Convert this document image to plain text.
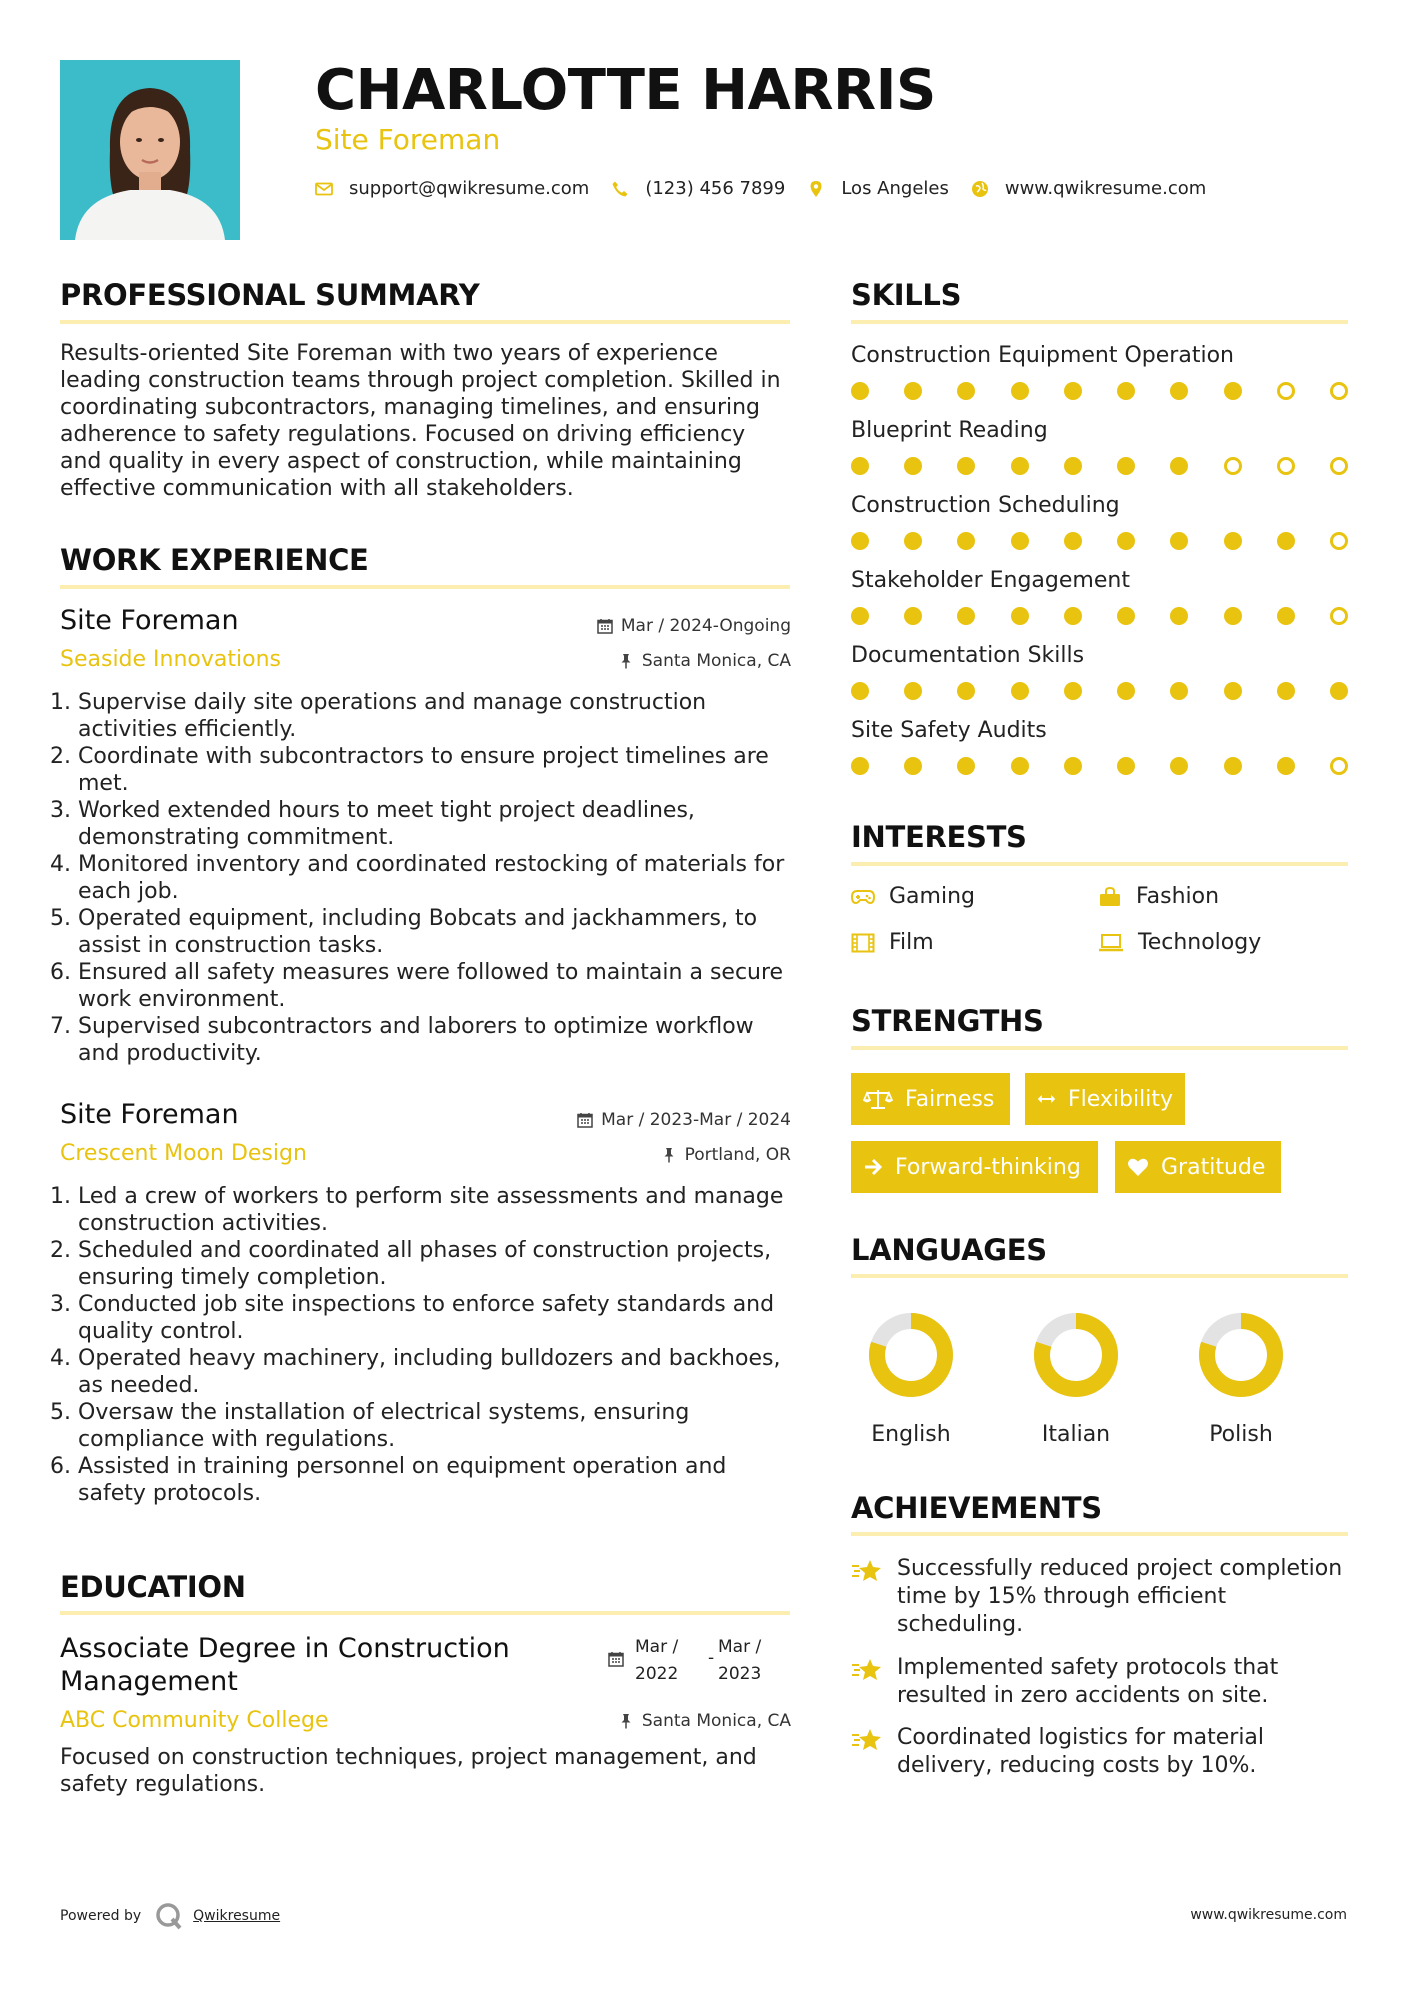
CHARLOTTE HARRIS
Site Foreman
support@qwikresume.com	(123) 456 7899	Los Angeles	www.qwikresume.com
PROFESSIONAL SUMMARY
Results-oriented Site Foreman with two years of experience leading construction teams through project completion. Skilled in coordinating subcontractors, managing timelines, and ensuring adherence to safety regulations. Focused on driving efficiency and quality in every aspect of construction, while maintaining effective communication with all stakeholders.
WORK EXPERIENCE
Site Foreman	Mar / 2024-Ongoing
Seaside Innovations	Santa Monica, CA
1. Supervise daily site operations and manage construction activities efficiently.
2. Coordinate with subcontractors to ensure project timelines are met.
3. Worked extended hours to meet tight project deadlines, demonstrating commitment.
4. Monitored inventory and coordinated restocking of materials for each job.
5. Operated equipment, including Bobcats and jackhammers, to assist in construction tasks.
6. Ensured all safety measures were followed to maintain a secure work environment.
7. Supervised subcontractors and laborers to optimize workflow and productivity.
Site Foreman	Mar / 2023-Mar / 2024
Crescent Moon Design	Portland, OR
1. Led a crew of workers to perform site assessments and manage construction activities.
2. Scheduled and coordinated all phases of construction projects, ensuring timely completion.
3. Conducted job site inspections to enforce safety standards and quality control.
4. Operated heavy machinery, including bulldozers and backhoes, as needed.
5. Oversaw the installation of electrical systems, ensuring compliance with regulations.
6. Assisted in training personnel on equipment operation and safety protocols.
EDUCATION
Associate Degree in Construction Management
Mar / 2022
-
Mar / 2023
ABC Community College	Santa Monica, CA
Focused on construction techniques, project management, and safety regulations.
SKILLS
Construction Equipment Operation
Blueprint Reading
Construction Scheduling
Stakeholder Engagement
Documentation Skills
Site Safety Audits
INTERESTS
Gaming	Fashion
Film	Technology
STRENGTHS
Fairness	Flexibility
Forward-thinking	Gratitude
LANGUAGES
English	Italian	Polish
ACHIEVEMENTS
Successfully reduced project completion time by 15% through efficient scheduling.
Implemented safety protocols that resulted in zero accidents on site.
Coordinated logistics for material delivery, reducing costs by 10%.
Powered by	Qwikresume	www.qwikresume.com
